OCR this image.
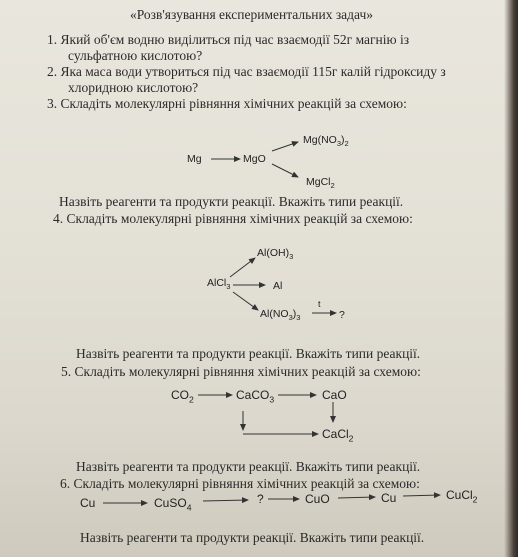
«Розв'язування експериментальних задач»
1. Який об'єм водню виділиться під час взаємодії 52г магнію із
сульфатною кислотою?
2. Яка маса води утвориться під час взаємодії 115г калій гідроксиду з
хлоридною кислотою?
3. Складіть молекулярні рівняння хімічних реакцій за схемою:
Mg	MgO
$Mg(NO_3)_2$
MgCl$_2$
Назвіть реагенти та продукти реакції. Вкажіть типи реакції.
4. Складіть молекулярні рівняння хімічних реакцій за схемою:
$Al(OH)_3$
AlCl$_3$	Al
$Al(NO_3)_3$
t
?
Назвіть реагенти та продукти реакції. Вкажіть типи реакції.
5. Складіть молекулярні рівняння хімічних реакцій за схемою:
$CO_2$	CaCO$_3$	CaO
CaCl$_2$
Назвіть реагенти та продукти реакції. Вкажіть типи реакції.
6. Складіть молекулярні рівняння хімічних реакцій за схемою:
Cu	CuSO$_4$
?	CuO	Cu	CuCl$_2$
Назвіть реагенти та продукти реакції. Вкажіть типи реакції.
